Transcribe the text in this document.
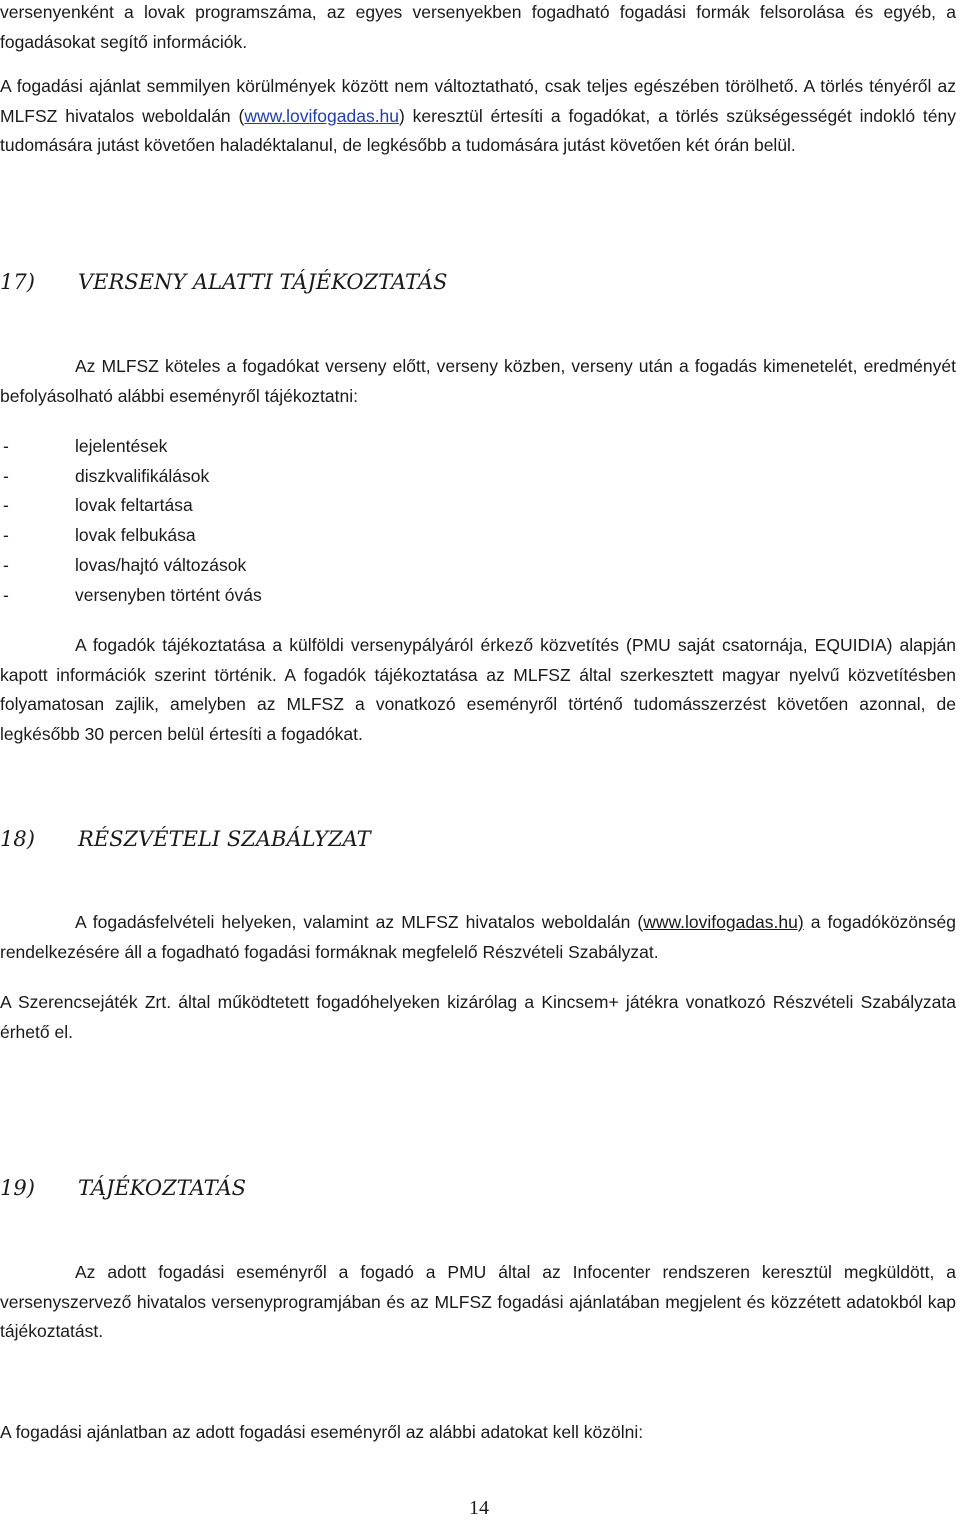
versenyenként a lovak programszáma, az egyes versenyekben fogadható fogadási formák felsorolása és egyéb, a fogadásokat segítő információk.

A fogadási ajánlat semmilyen körülmények között nem változtatható, csak teljes egészében törölhető. A törlés tényéről az MLFSZ hivatalos weboldalán (www.lovifogadas.hu) keresztül értesíti a fogadókat, a törlés szükségességét indokló tény tudomására jutást követően haladéktalanul, de legkésőbb a tudomására jutást követően két órán belül.

17) VERSENY ALATTI TÁJÉKOZTATÁS

Az MLFSZ köteles a fogadókat verseny előtt, verseny közben, verseny után a fogadás kimenetelét, eredményét befolyásolható alábbi eseményről tájékoztatni:

-	lejelentések
-	diszkvalifikálások
-	lovak feltartása
-	lovak felbukása
-	lovas/hajtó változások
-	versenyben történt óvás

A fogadók tájékoztatása a külföldi versenypályáról érkező közvetítés (PMU saját csatornája, EQUIDIA) alapján kapott információk szerint történik. A fogadók tájékoztatása az MLFSZ által szerkesztett magyar nyelvű közvetítésben folyamatosan zajlik, amelyben az MLFSZ a vonatkozó eseményről történő tudomásszerzést követően azonnal, de legkésőbb 30 percen belül értesíti a fogadókat.

18) RÉSZVÉTELI SZABÁLYZAT

A fogadásfelvételi helyeken, valamint az MLFSZ hivatalos weboldalán (www.lovifogadas.hu) a fogadóközönség rendelkezésére áll a fogadható fogadási formáknak megfelelő Részvételi Szabályzat.

A Szerencsejáték Zrt. által működtetett fogadóhelyeken kizárólag a Kincsem+ játékra vonatkozó Részvételi Szabályzata érhető el.

19) TÁJÉKOZTATÁS

Az adott fogadási eseményről a fogadó a PMU által az Infocenter rendszeren keresztül megküldött, a versenyszervező hivatalos versenyprogramjában és az MLFSZ fogadási ajánlatában megjelent és közzétett adatokból kap tájékoztatást.

A fogadási ajánlatban az adott fogadási eseményről az alábbi adatokat kell közölni:

14
